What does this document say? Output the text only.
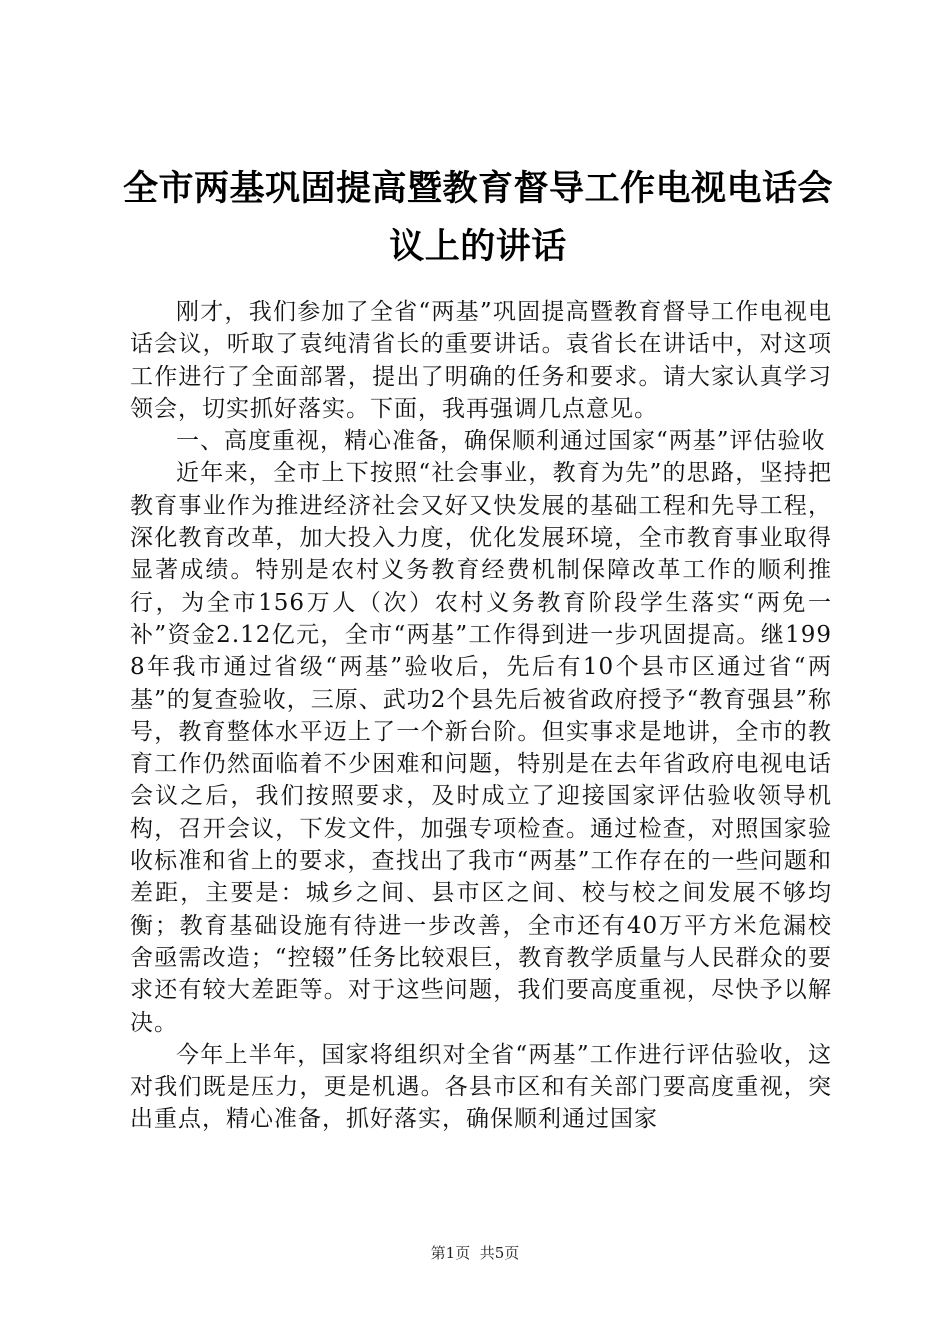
全市两基巩固提高暨教育督导工作电视电话会议上的讲话

刚才，我们参加了全省“两基”巩固提高暨教育督导工作电视电话会议，听取了袁纯清省长的重要讲话。袁省长在讲话中，对这项工作进行了全面部署，提出了明确的任务和要求。请大家认真学习领会，切实抓好落实。下面，我再强调几点意见。

一、高度重视，精心准备，确保顺利通过国家“两基”评估验收

近年来，全市上下按照“社会事业，教育为先”的思路，坚持把教育事业作为推进经济社会又好又快发展的基础工程和先导工程，深化教育改革，加大投入力度，优化发展环境，全市教育事业取得显著成绩。特别是农村义务教育经费机制保障改革工作的顺利推行，为全市156万人（次）农村义务教育阶段学生落实“两免一补”资金2.12亿元，全市“两基”工作得到进一步巩固提高。继1998年我市通过省级“两基”验收后，先后有10个县市区通过省“两基”的复查验收，三原、武功2个县先后被省政府授予“教育强县”称号，教育整体水平迈上了一个新台阶。但实事求是地讲，全市的教育工作仍然面临着不少困难和问题，特别是在去年省政府电视电话会议之后，我们按照要求，及时成立了迎接国家评估验收领导机构，召开会议，下发文件，加强专项检查。通过检查，对照国家验收标准和省上的要求，查找出了我市“两基”工作存在的一些问题和差距，主要是：城乡之间、县市区之间、校与校之间发展不够均衡；教育基础设施有待进一步改善，全市还有40万平方米危漏校舍亟需改造；“控辍”任务比较艰巨，教育教学质量与人民群众的要求还有较大差距等。对于这些问题，我们要高度重视，尽快予以解决。

今年上半年，国家将组织对全省“两基”工作进行评估验收，这对我们既是压力，更是机遇。各县市区和有关部门要高度重视，突出重点，精心准备，抓好落实，确保顺利通过国家

第1页 共5页
